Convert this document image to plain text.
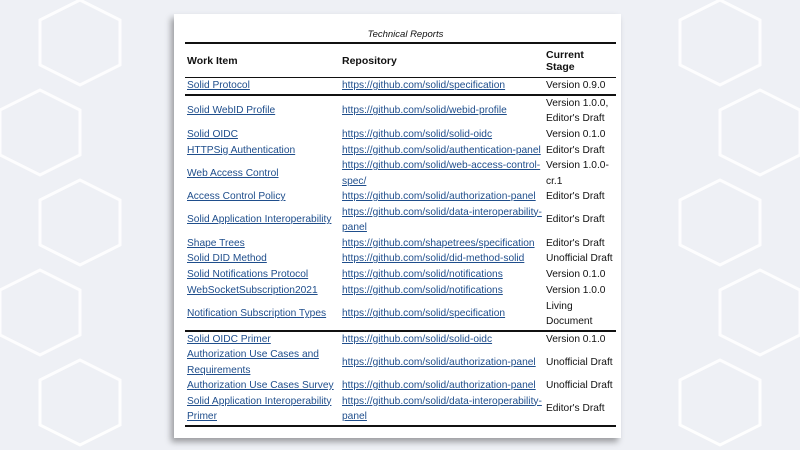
Technical Reports
Work Item	Repository	Current Stage
Solid Protocol	https://github.com/solid/specification	Version 0.9.0
Solid WebID Profile	https://github.com/solid/webid-profile	Version 1.0.0, Editor's Draft
Solid OIDC	https://github.com/solid/solid-oidc	Version 0.1.0
HTTPSig Authentication	https://github.com/solid/authentication-panel	Editor's Draft
Web Access Control	https://github.com/solid/web-access-control-spec/	Version 1.0.0-cr.1
Access Control Policy	https://github.com/solid/authorization-panel	Editor's Draft
Solid Application Interoperability	https://github.com/solid/data-interoperability-panel	Editor's Draft
Shape Trees	https://github.com/shapetrees/specification	Editor's Draft
Solid DID Method	https://github.com/solid/did-method-solid	Unofficial Draft
Solid Notifications Protocol	https://github.com/solid/notifications	Version 0.1.0
WebSocketSubscription2021	https://github.com/solid/notifications	Version 1.0.0
Notification Subscription Types	https://github.com/solid/specification	Living Document
Solid OIDC Primer	https://github.com/solid/solid-oidc	Version 0.1.0
Authorization Use Cases and Requirements	https://github.com/solid/authorization-panel	Unofficial Draft
Authorization Use Cases Survey	https://github.com/solid/authorization-panel	Unofficial Draft
Solid Application Interoperability Primer	https://github.com/solid/data-interoperability-panel	Editor's Draft
